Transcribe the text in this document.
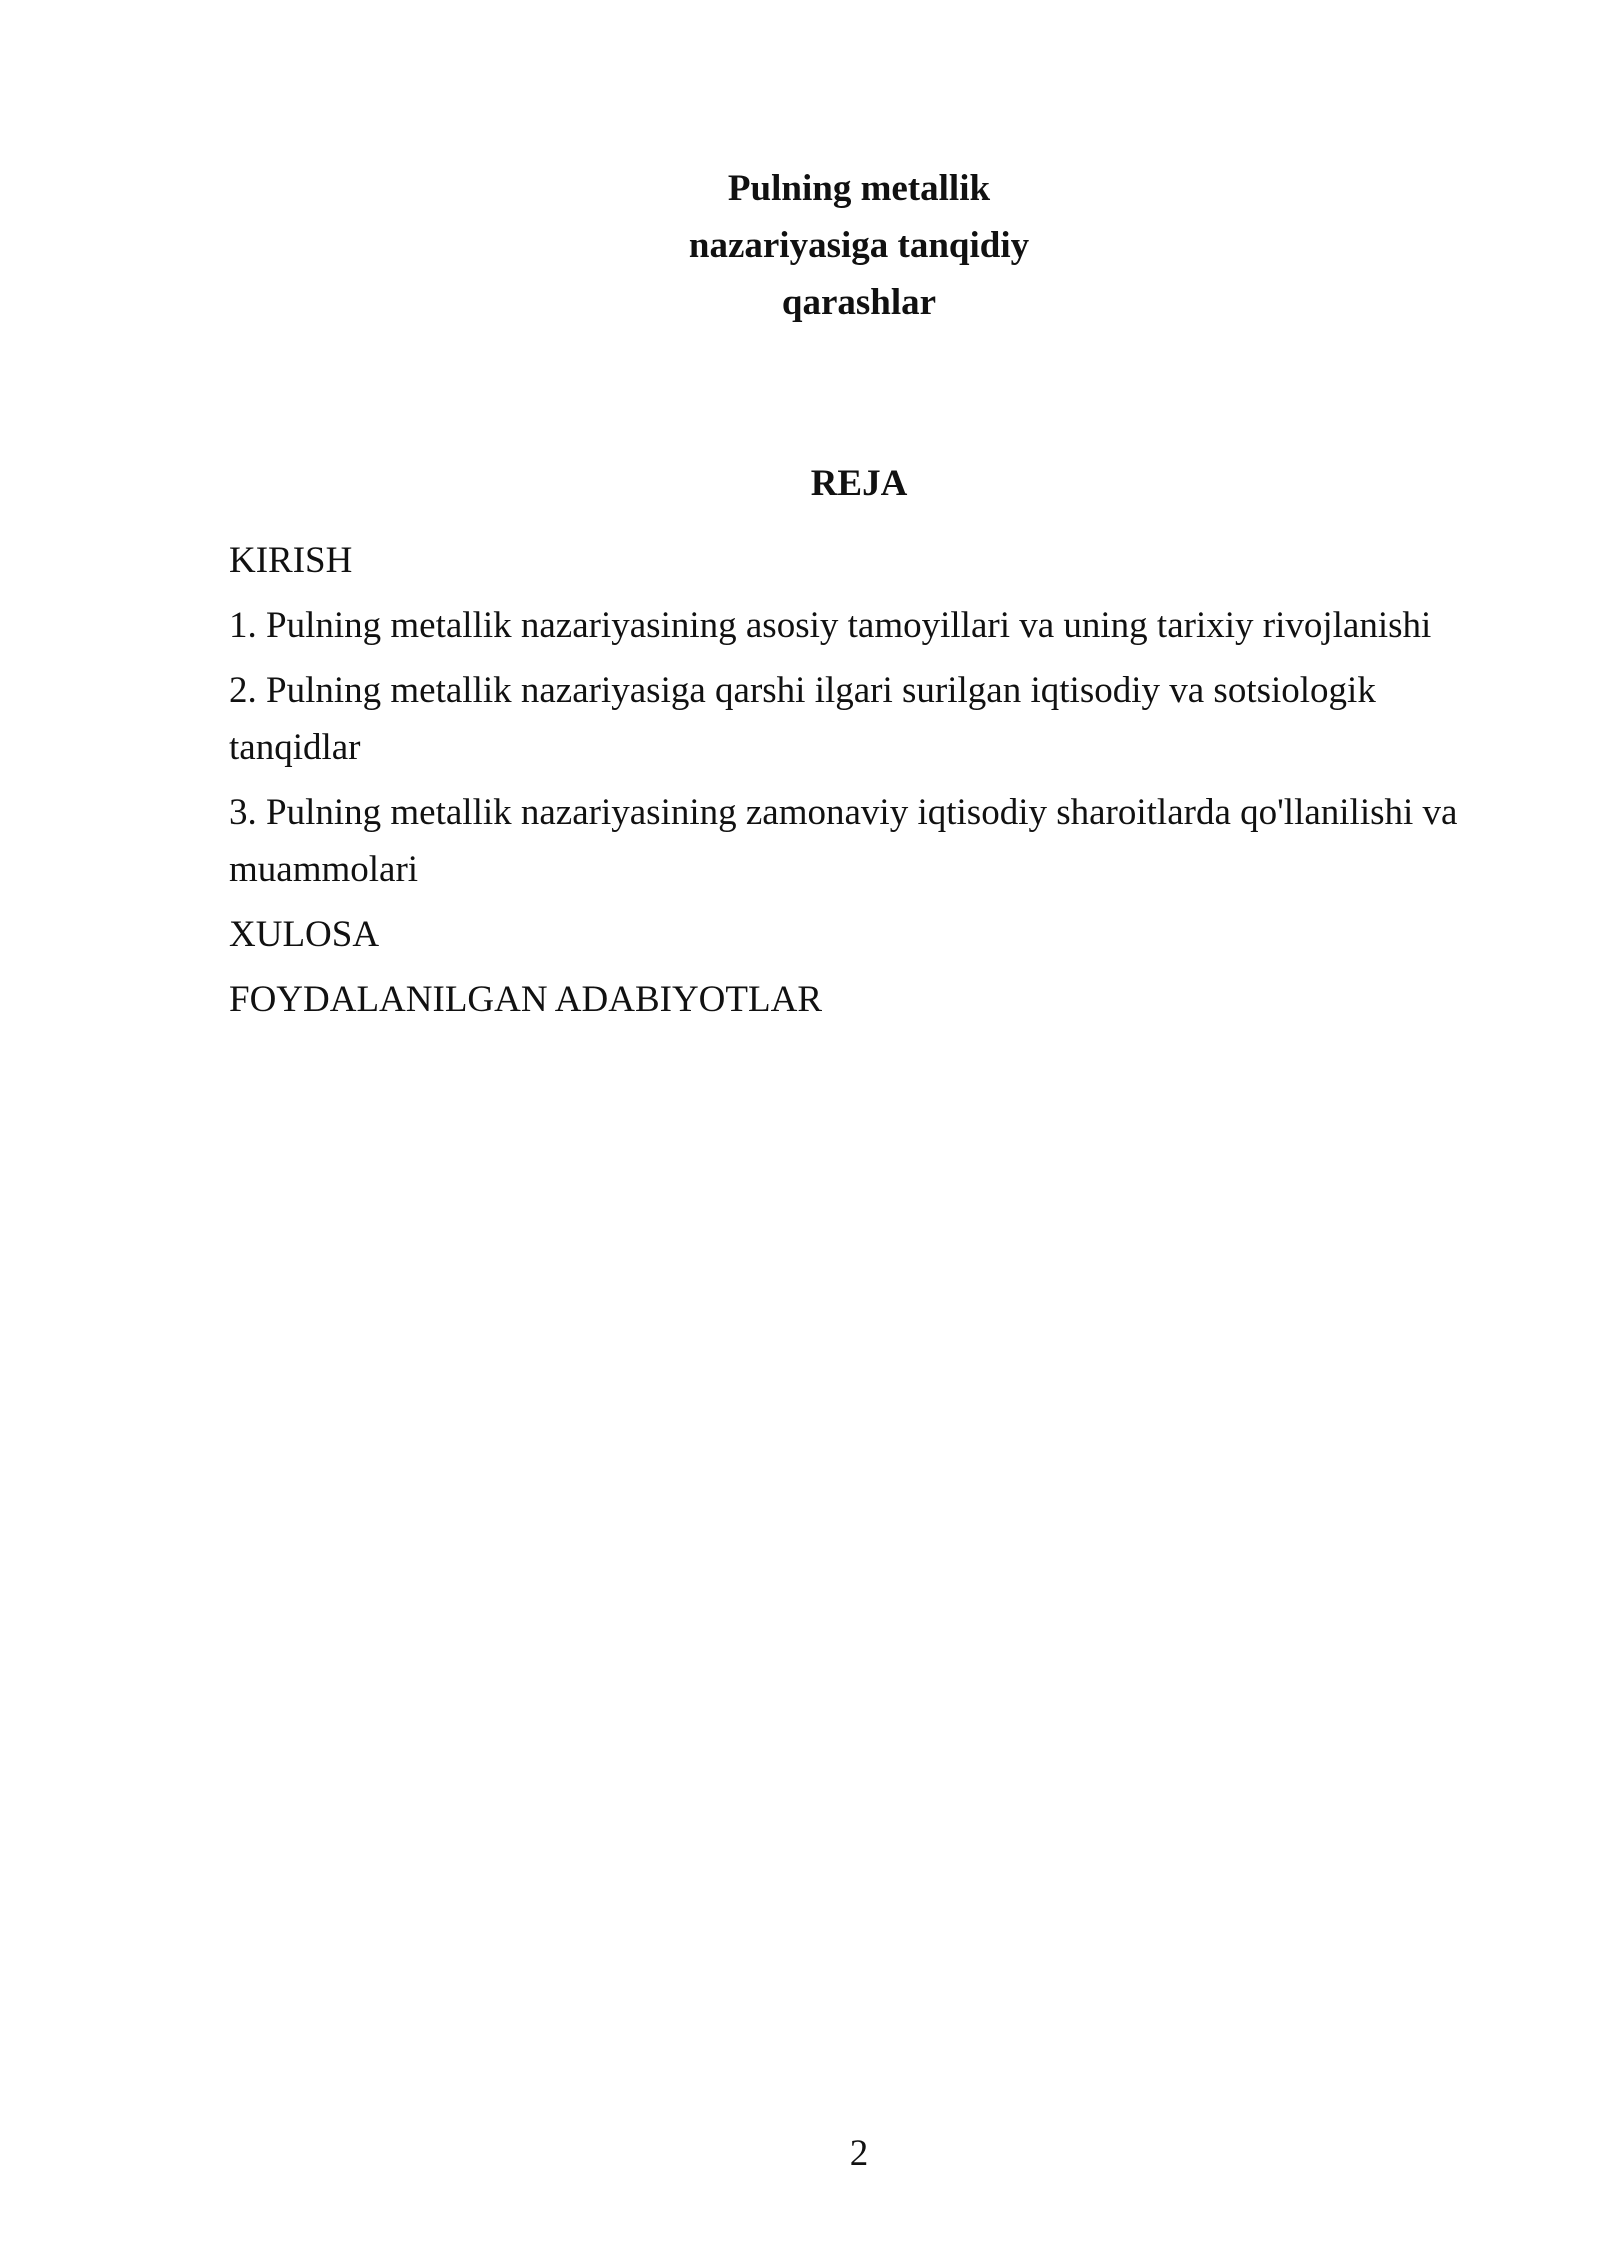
Pulning metallik
nazariyasiga tanqidiy
qarashlar
REJA
KIRISH
1. Pulning metallik nazariyasining asosiy tamoyillari va uning tarixiy rivojlanishi
2. Pulning metallik nazariyasiga qarshi ilgari surilgan iqtisodiy va sotsiologik tanqidlar
3. Pulning metallik nazariyasining zamonaviy iqtisodiy sharoitlarda qo'llanilishi va muammolari
XULOSA
FOYDALANILGAN ADABIYOTLAR
2
